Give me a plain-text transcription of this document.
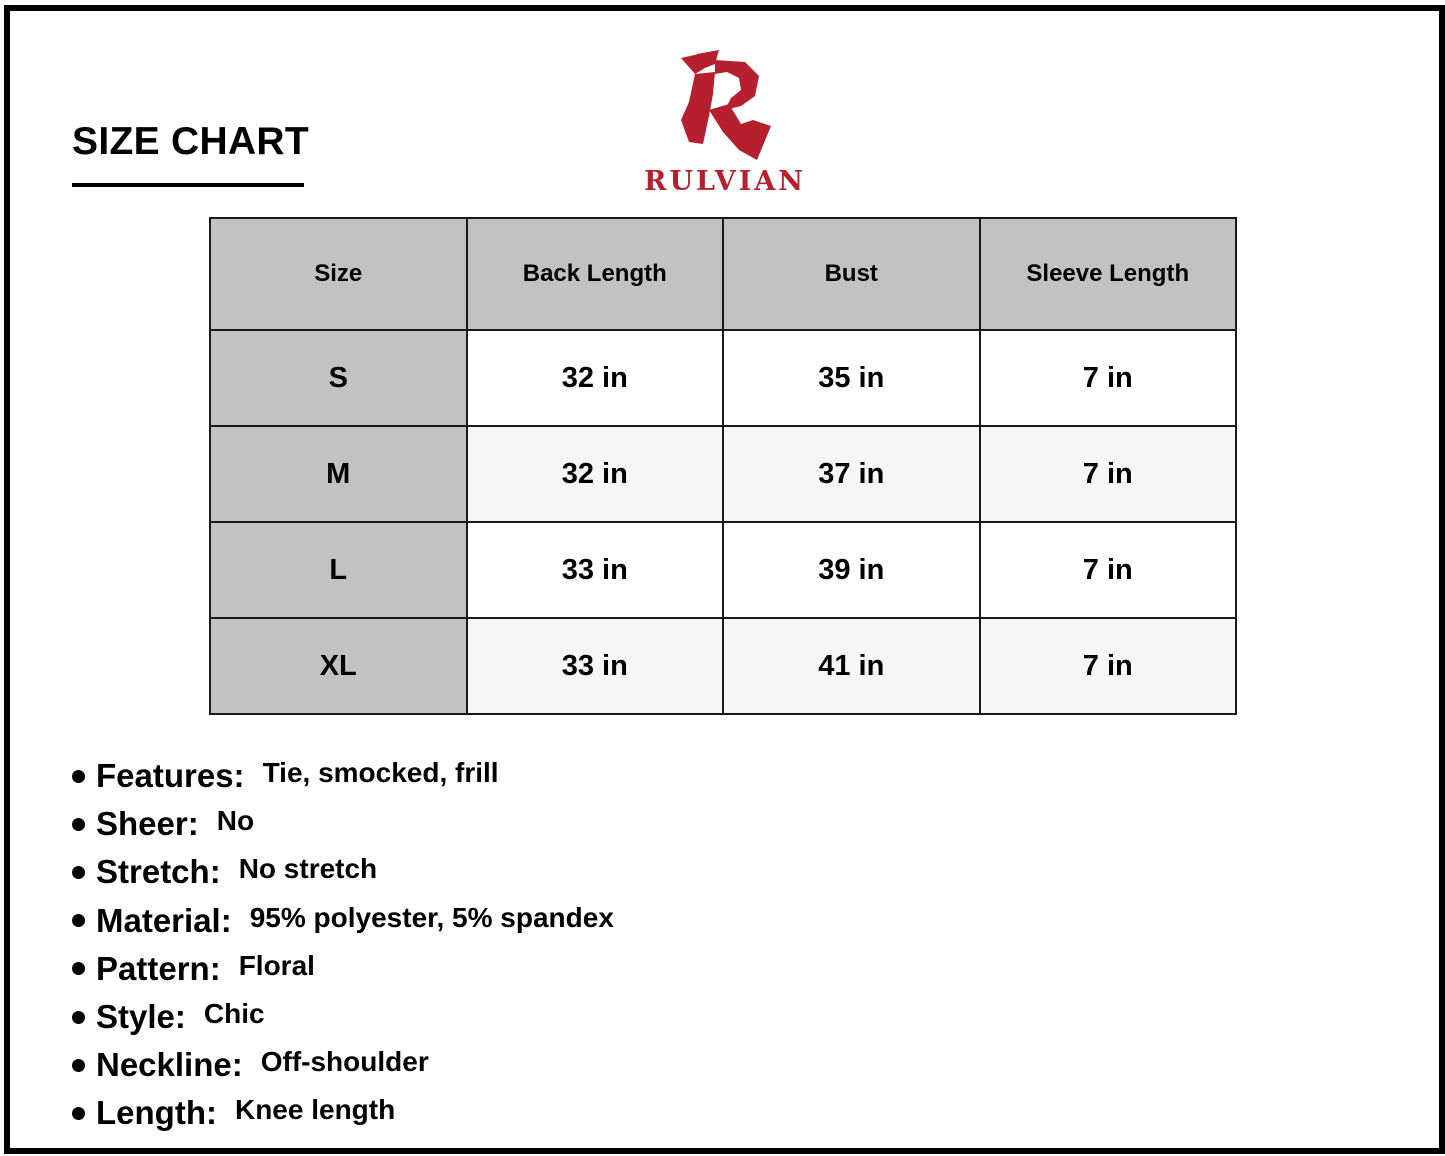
SIZE CHART
RULVIAN
Size	Back Length	Bust	Sleeve Length
S	32 in	35 in	7 in
M	32 in	37 in	7 in
L	33 in	39 in	7 in
XL	33 in	41 in	7 in
Features: Tie, smocked, frill
Sheer: No
Stretch: No stretch
Material: 95% polyester, 5% spandex
Pattern: Floral
Style: Chic
Neckline: Off-shoulder
Length: Knee length
